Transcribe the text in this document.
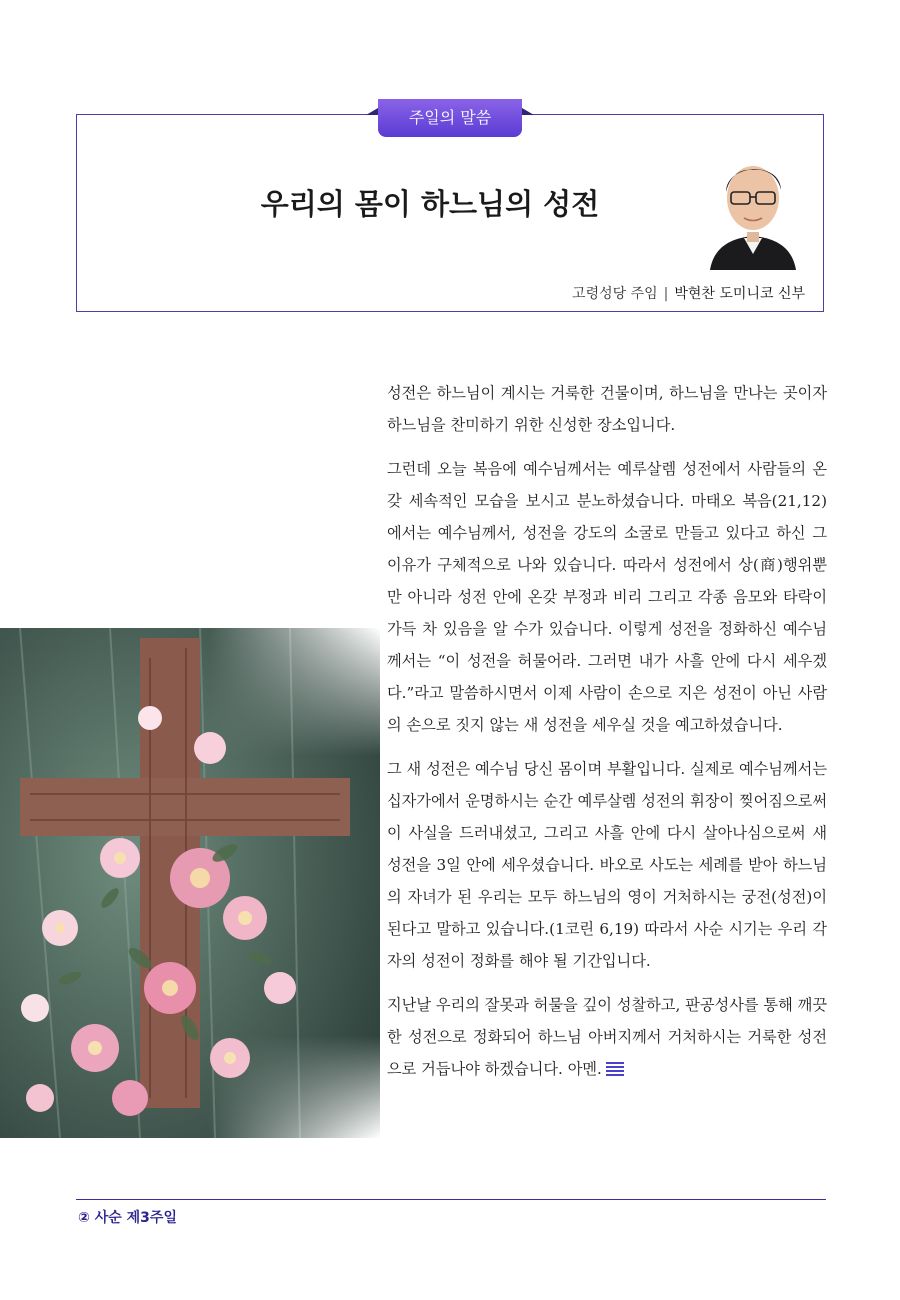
주일의 말씀
우리의 몸이 하느님의 성전
고령성당 주임 | 박현찬 도미니코 신부

성전은 하느님이 계시는 거룩한 건물이며, 하느님을 만나는 곳이자 하느님을 찬미하기 위한 신성한 장소입니다.

그런데 오늘 복음에 예수님께서는 예루살렘 성전에서 사람들의 온갖 세속적인 모습을 보시고 분노하셨습니다. 마태오 복음(21,12)에서는 예수님께서, 성전을 강도의 소굴로 만들고 있다고 하신 그 이유가 구체적으로 나와 있습니다. 따라서 성전에서 상(商)행위뿐만 아니라 성전 안에 온갖 부정과 비리 그리고 각종 음모와 타락이 가득 차 있음을 알 수가 있습니다. 이렇게 성전을 정화하신 예수님께서는 “이 성전을 허물어라. 그러면 내가 사흘 안에 다시 세우겠다.”라고 말씀하시면서 이제 사람이 손으로 지은 성전이 아닌 사람의 손으로 짓지 않는 새 성전을 세우실 것을 예고하셨습니다.

그 새 성전은 예수님 당신 몸이며 부활입니다. 실제로 예수님께서는 십자가에서 운명하시는 순간 예루살렘 성전의 휘장이 찢어짐으로써 이 사실을 드러내셨고, 그리고 사흘 안에 다시 살아나심으로써 새 성전을 3일 안에 세우셨습니다. 바오로 사도는 세례를 받아 하느님의 자녀가 된 우리는 모두 하느님의 영이 거처하시는 궁전(성전)이 된다고 말하고 있습니다.(1코린 6,19) 따라서 사순 시기는 우리 각자의 성전이 정화를 해야 될 기간입니다.

지난날 우리의 잘못과 허물을 깊이 성찰하고, 판공성사를 통해 깨끗한 성전으로 정화되어 하느님 아버지께서 거처하시는 거룩한 성전으로 거듭나야 하겠습니다. 아멘.

② 사순 제3주일
